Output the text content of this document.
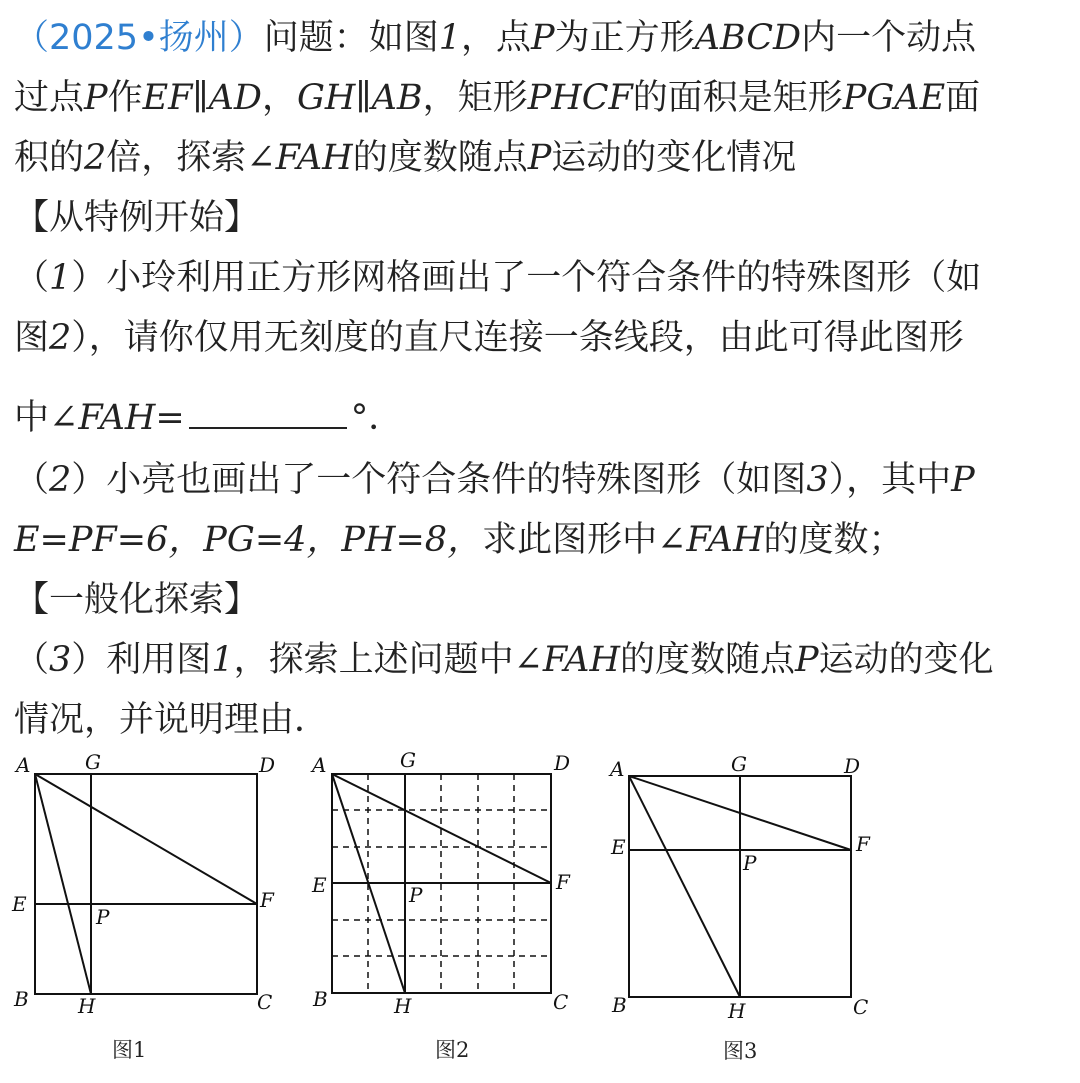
（2025•扬州）问题：如图1，点P为正方形ABCD内一个动点
过点P作EF∥AD，GH∥AB，矩形PHCF的面积是矩形PGAE面
积的2倍，探索∠FAH的度数随点P运动的变化情况
【从特例开始】
（1）小玲利用正方形网格画出了一个符合条件的特殊图形（如
图2），请你仅用无刻度的直尺连接一条线段，由此可得此图形
中∠FAH=	°．
（2）小亮也画出了一个符合条件的特殊图形（如图3），其中P
E=PF=6，PG=4，PH=8，求此图形中∠FAH的度数；
【一般化探索】
（3）利用图1，探索上述问题中∠FAH的度数随点P运动的变化
情况，并说明理由．
A	G	D
E	F
P
B H	C
图1
A	G	D
E	F
P
B	H	C
图2
A	G	D
E	F
P
B	H	C
图3
